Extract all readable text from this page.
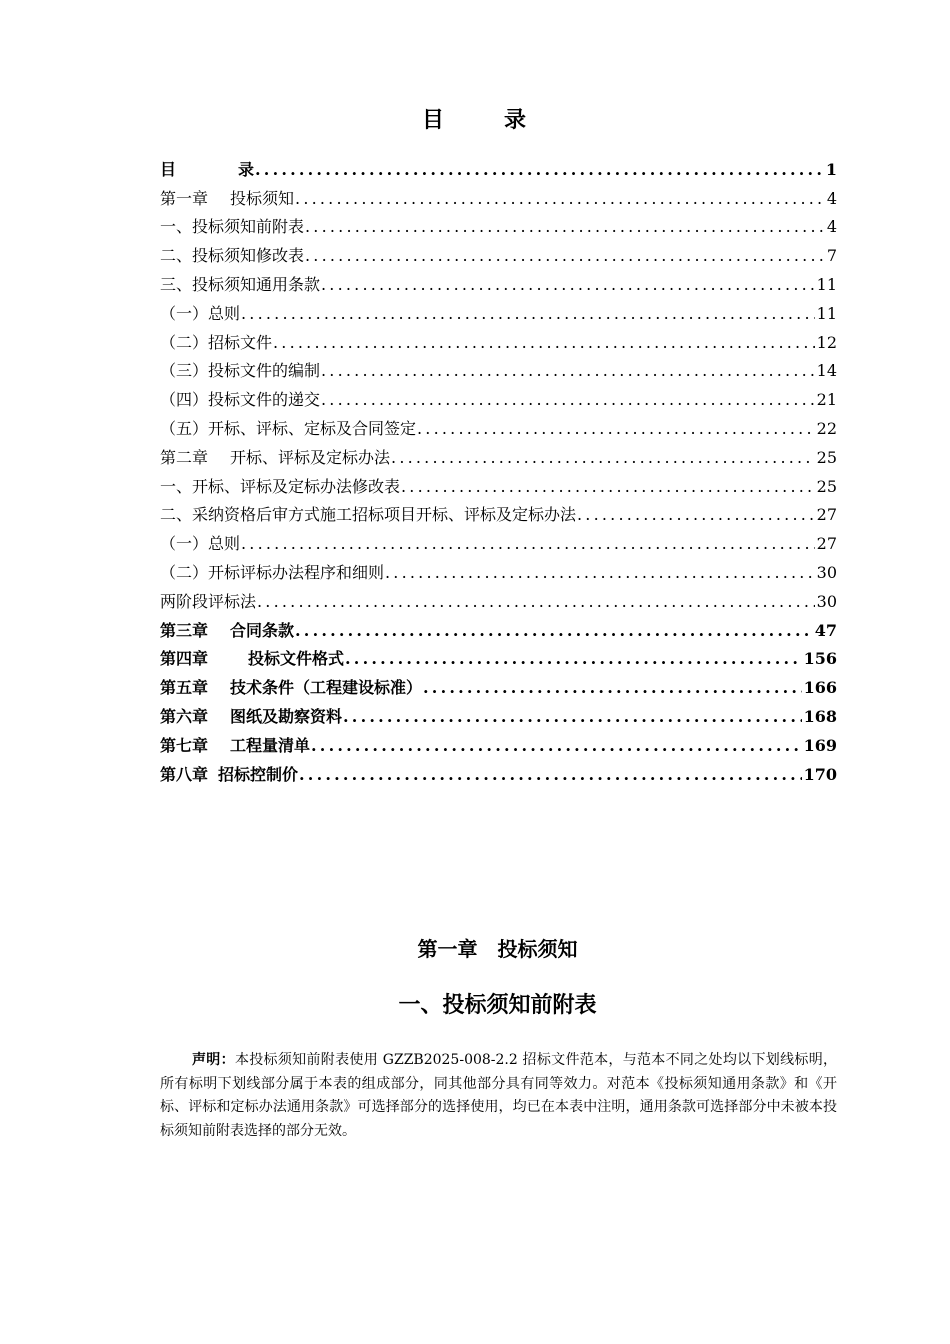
目	录
目	录 .....	1
第一章 投标须知 .....	4
一、投标须知前附表 .....	4
二、投标须知修改表 .....	7
三、投标须知通用条款 .....	11
（一）总则 .....	11
（二）招标文件 .....	12
（三）投标文件的编制 .....	14
（四）投标文件的递交 .....	21
（五）开标、评标、定标及合同签定 .....	22
第二章 开标、评标及定标办法 .....	25
一、开标、评标及定标办法修改表 .....	25
二、采纳资格后审方式施工招标项目开标、评标及定标办法 .....	27
（一）总则 .....	27
（二）开标评标办法程序和细则 .....	30
两阶段评标法 .....	30
第三章 合同条款 .....	47
第四章	投标文件格式 .....	156
第五章 技术条件（工程建设标准） .....	166
第六章 图纸及勘察资料 .....	168
第七章 工程量清单 .....	169
第八章 招标控制价 .....	170
第一章　投标须知
一、投标须知前附表

声明：本投标须知前附表使用 GZZB2025-008-2.2 招标文件范本，与范本不同之处均以下划线标明，所有标明下划线部分属于本表的组成部分，同其他部分具有同等效力。对范本《投标须知通用条款》和《开标、评标和定标办法通用条款》可选择部分的选择使用，均已在本表中注明，通用条款可选择部分中未被本投标须知前附表选择的部分无效。
